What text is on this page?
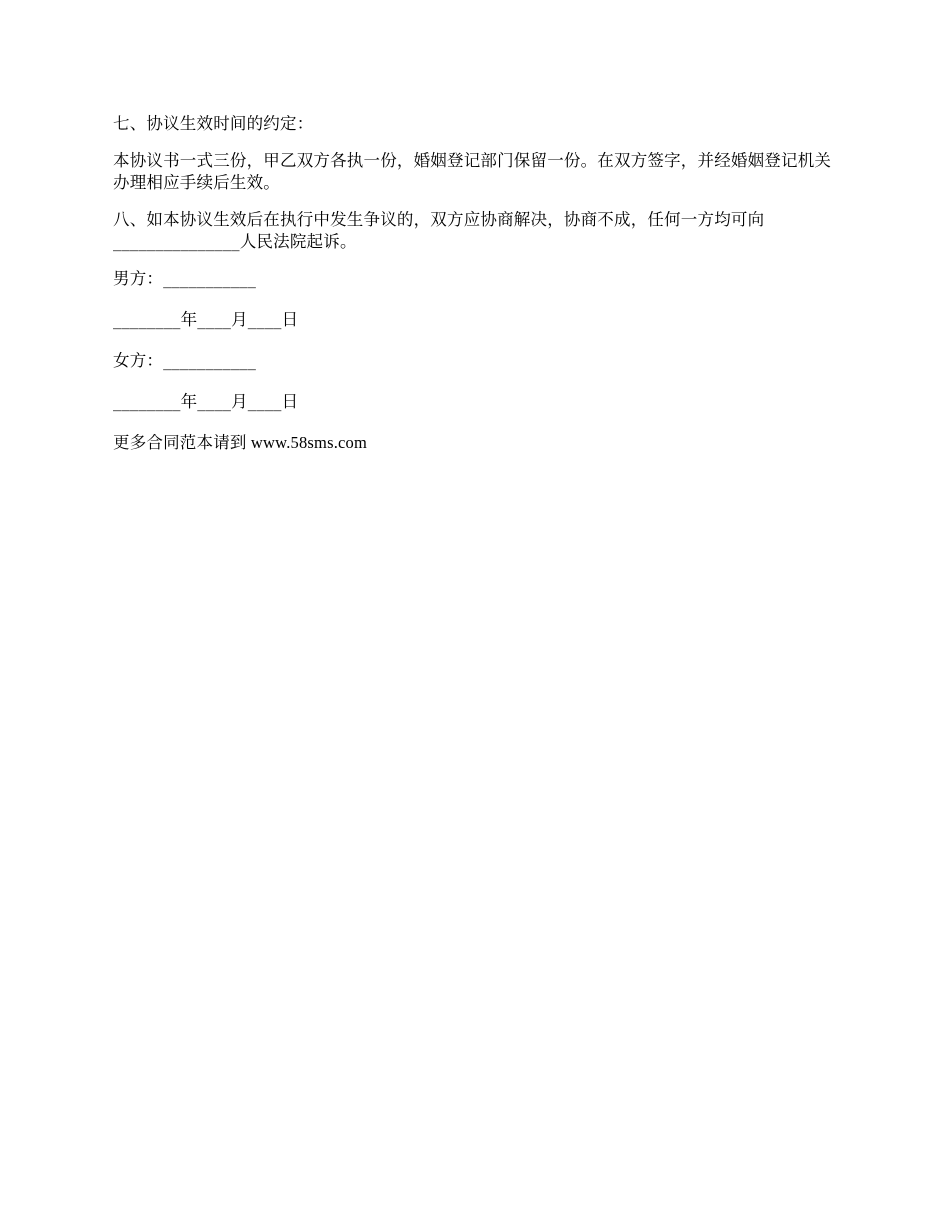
七、协议生效时间的约定：

本协议书一式三份，甲乙双方各执一份，婚姻登记部门保留一份。在双方签字，并经婚姻登记机关办理相应手续后生效。

八、如本协议生效后在执行中发生争议的，双方应协商解决，协商不成，任何一方均可向_______________人民法院起诉。

男方：___________

________年____月____日

女方：___________

________年____月____日

更多合同范本请到 www.58sms.com
